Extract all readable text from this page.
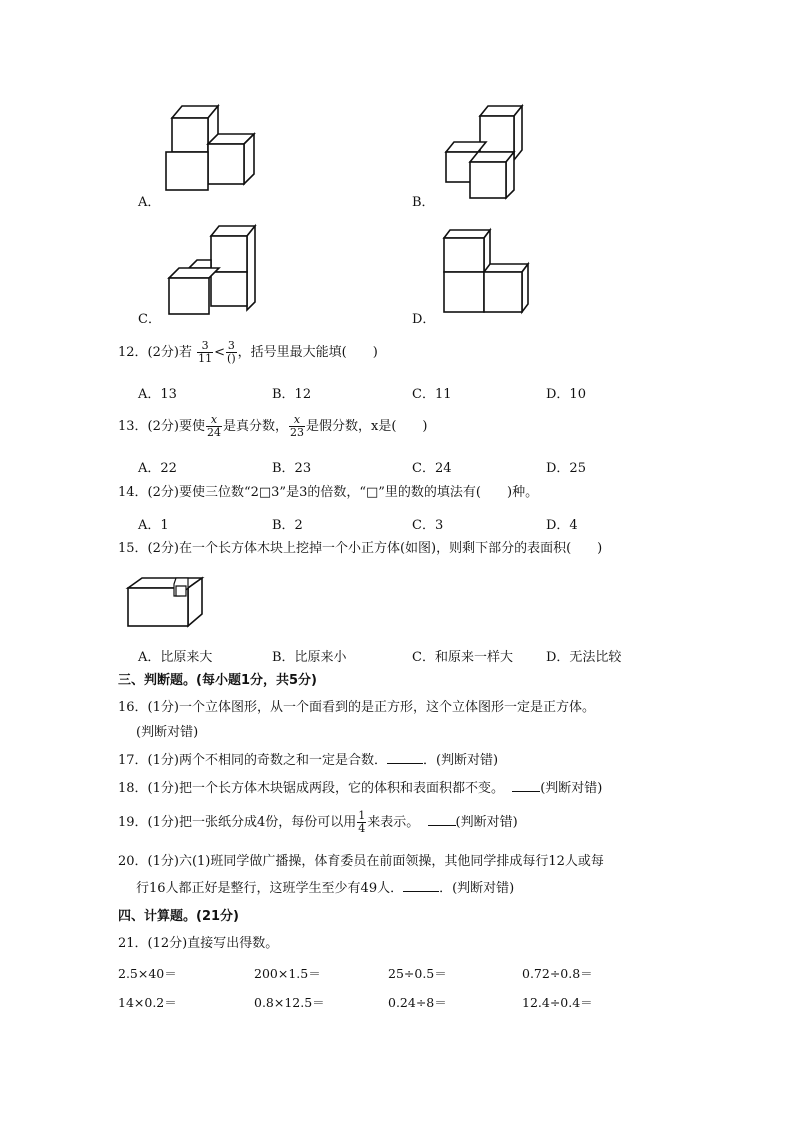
A．	B．
C．	D．
12．(2分)若 $\frac{3}{11} < \frac{3}{()}$ ，括号里最大能填(　　)
A．13	B．12	C．11	D．10
13．(2分)要使 $\frac{x}{24}$ 是真分数， $\frac{x}{23}$ 是假分数，x是(　　)
A．22	B．23	C．24	D．25
14．(2分)要使三位数“2□3”是3的倍数，“□”里的数的填法有(　　)种。
A．1	B．2	C．3	D．4
15．(2分)在一个长方体木块上挖掉一个小正方体(如图)，则剩下部分的表面积(　　)
A．比原来大	B．比原来小	C．和原来一样大	D．无法比较
三、判断题。(每小题1分，共5分)
16．(1分)一个立体图形，从一个面看到的是正方形，这个立体图形一定是正方体。
(判断对错)
17．(1分)两个不相同的奇数之和一定是合数．	．(判断对错)
18．(1分)把一个长方体木块锯成两段，它的体积和表面积都不变。	(判断对错)
19．(1分)把一张纸分成4份，每份可以用 $\frac{1}{4}$ 来表示。	(判断对错)
20．(1分)六(1)班同学做广播操，体育委员在前面领操，其他同学排成每行12人或每
行16人都正好是整行，这班学生至少有49人．	．(判断对错)
四、计算题。(21分)
21．(12分)直接写出得数。
2.5×40＝	200×1.5＝	25÷0.5＝	0.72÷0.8＝
14×0.2＝	0.8×12.5＝	0.24÷8＝	12.4÷0.4＝
